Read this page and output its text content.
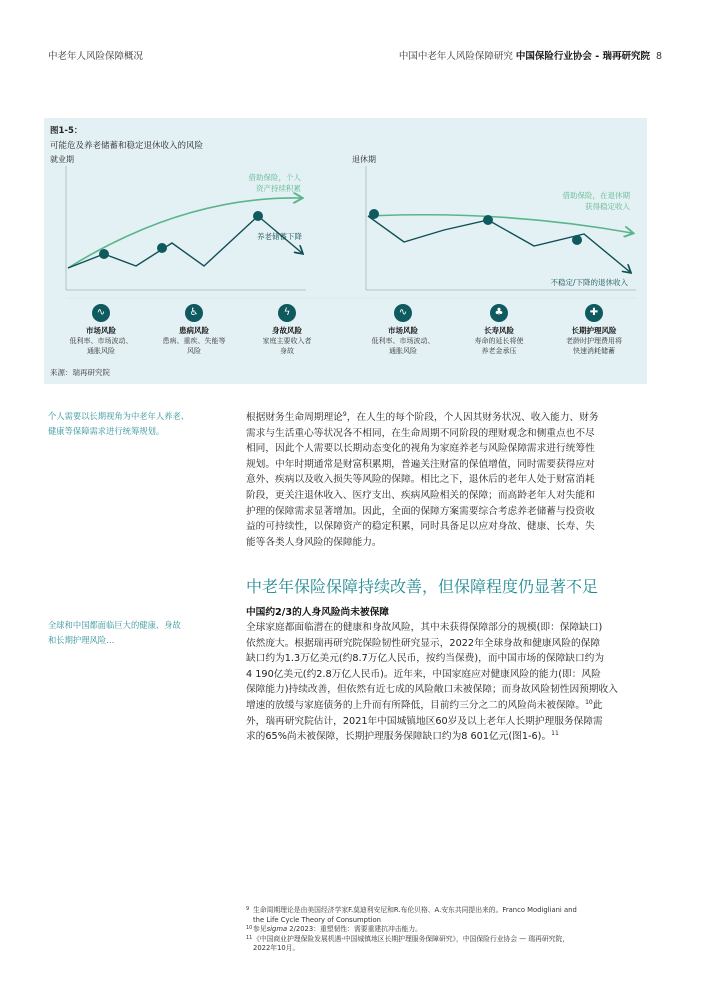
中老年人风险保障概况	中国中老年人风险保障研究 中国保险行业协会 - 瑞再研究院 8
借助保险，个人
资产持续积累
养老储蓄下降
借助保险，在退休期
获得稳定收入
不稳定/下降的退休收入
图1-5：
可能危及养老储蓄和稳定退休收入的风险
就业期	退休期
∿
市场风险
低利率、市场波动、
通胀风险
♿
患病风险
患病、重疾、失能等
风险
ϟ
身故风险
家庭主要收入者
身故
∿
市场风险
低利率、市场波动、
通胀风险
♣
长寿风险
寿命的延长将使
养老金承压
✚
长期护理风险
老龄时护理费用将
快速消耗储蓄
来源：瑞再研究院
个人需要以长期视角为中老年人养老、
健康等保障需求进行统筹规划。
全球和中国都面临巨大的健康、身故
和长期护理风险…
根据财务生命周期理论$^9$，在人生的每个阶段，个人因其财务状况、收入能力、财务
需求与生活重心等状况各不相同，在生命周期不同阶段的理财观念和侧重点也不尽
相同，因此个人需要以长期动态变化的视角为家庭养老与风险保障需求进行统筹性
规划。中年时期通常是财富积累期，普遍关注财富的保值增值，同时需要获得应对
意外、疾病以及收入损失等风险的保障。相比之下，退休后的老年人处于财富消耗
阶段，更关注退休收入、医疗支出、疾病风险相关的保障；而高龄老年人对失能和
护理的保障需求显著增加。因此，全面的保障方案需要综合考虑养老储蓄与投资收
益的可持续性，以保障资产的稳定积累，同时具备足以应对身故、健康、长寿、失
能等各类人身风险的保障能力。
中老年保险保障持续改善，但保障程度仍显著不足
中国约2/3的人身风险尚未被保障
全球家庭都面临潜在的健康和身故风险，其中未获得保障部分的规模(即：保障缺口)
依然庞大。根据瑞再研究院保险韧性研究显示，2022年全球身故和健康风险的保障
缺口约为1.3万亿美元(约8.7万亿人民币，按约当保费)，而中国市场的保障缺口约为
4 190亿美元(约2.8万亿人民币)。近年来，中国家庭应对健康风险的能力(即：风险
保障能力)持续改善，但依然有近七成的风险敞口未被保障；而身故风险韧性因预期收入
增速的放缓与家庭债务的上升而有所降低，目前约三分之二的风险尚未被保障。$^{10}$此
外，瑞再研究院估计，2021年中国城镇地区60岁及以上老年人长期护理服务保障需
求的65%尚未被保障，长期护理服务保障缺口约为8 601亿元(图1-6)。$^{11}$
9 生命周期理论是由美国经济学家F.莫迪利安尼和R.布伦贝格、A.安东共同提出来的。Franco Modigliani and
the Life Cycle Theory of Consumption
10 参见sigma 2/2023：重塑韧性：需要重建抗冲击能力。
11 《中国商业护理保险发展机遇-中国城镇地区长期护理服务保障研究》，中国保险行业协会 — 瑞再研究院，
2022年10月。
